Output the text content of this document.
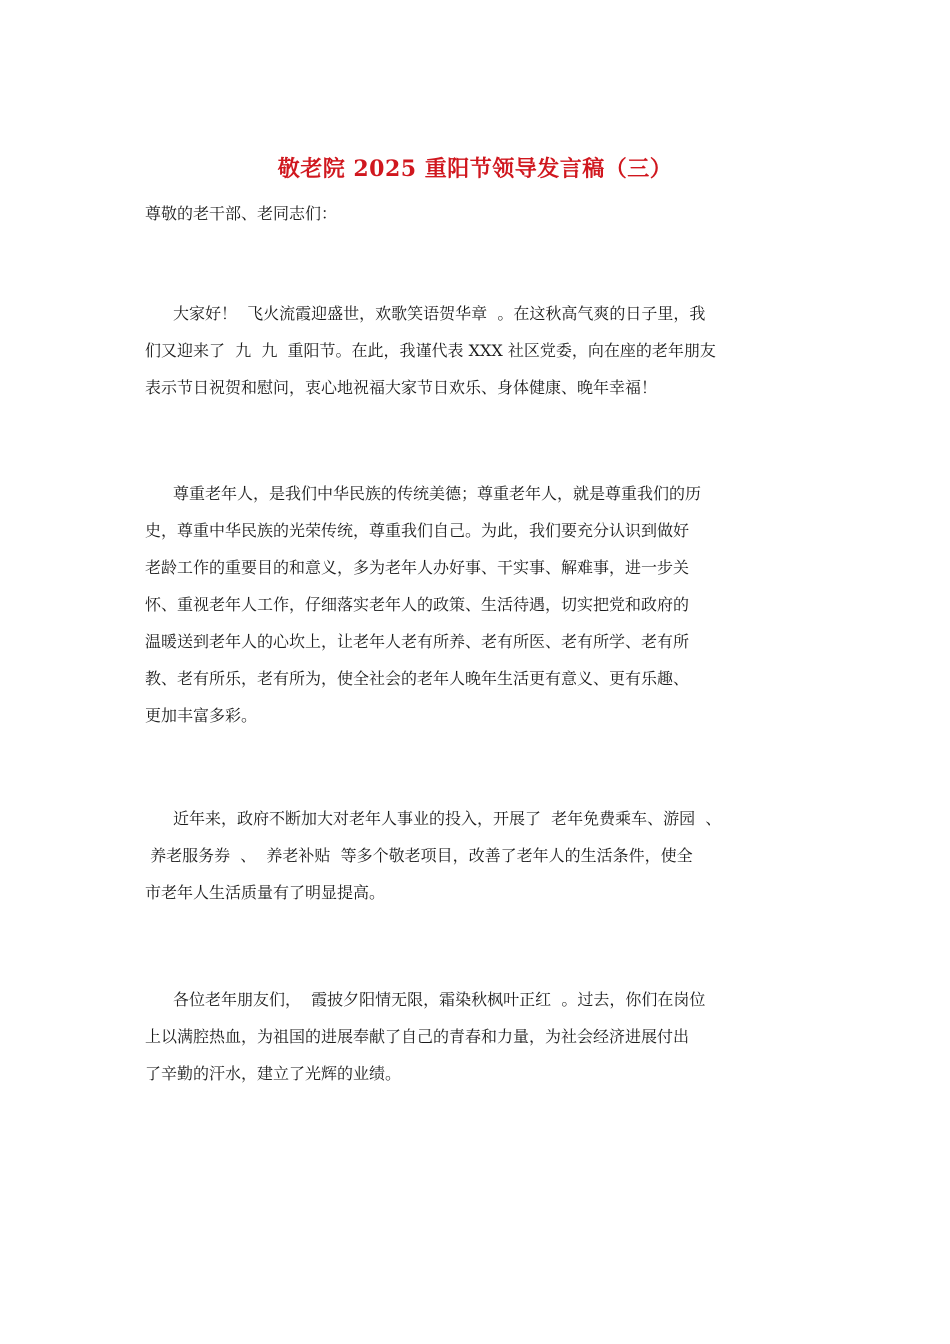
敬老院 2025 重阳节领导发言稿（三）
尊敬的老干部、老同志们：
大家好！  飞火流霞迎盛世，欢歌笑语贺华章  。在这秋高气爽的日子里，我
们又迎来了  九  九  重阳节。在此，我谨代表 XXX 社区党委，向在座的老年朋友
表示节日祝贺和慰问，衷心地祝福大家节日欢乐、身体健康、晚年幸福！
尊重老年人，是我们中华民族的传统美德；尊重老年人，就是尊重我们的历
史，尊重中华民族的光荣传统，尊重我们自己。为此，我们要充分认识到做好
老龄工作的重要目的和意义，多为老年人办好事、干实事、解难事，进一步关
怀、重视老年人工作，仔细落实老年人的政策、生活待遇，切实把党和政府的
温暖送到老年人的心坎上，让老年人老有所养、老有所医、老有所学、老有所
教、老有所乐，老有所为，使全社会的老年人晚年生活更有意义、更有乐趣、
更加丰富多彩。
近年来，政府不断加大对老年人事业的投入，开展了  老年免费乘车、游园  、
养老服务券  、  养老补贴  等多个敬老项目，改善了老年人的生活条件，使全
市老年人生活质量有了明显提高。
各位老年朋友们，  霞披夕阳情无限，霜染秋枫叶正红  。过去，你们在岗位
上以满腔热血，为祖国的进展奉献了自己的青春和力量，为社会经济进展付出
了辛勤的汗水，建立了光辉的业绩。
